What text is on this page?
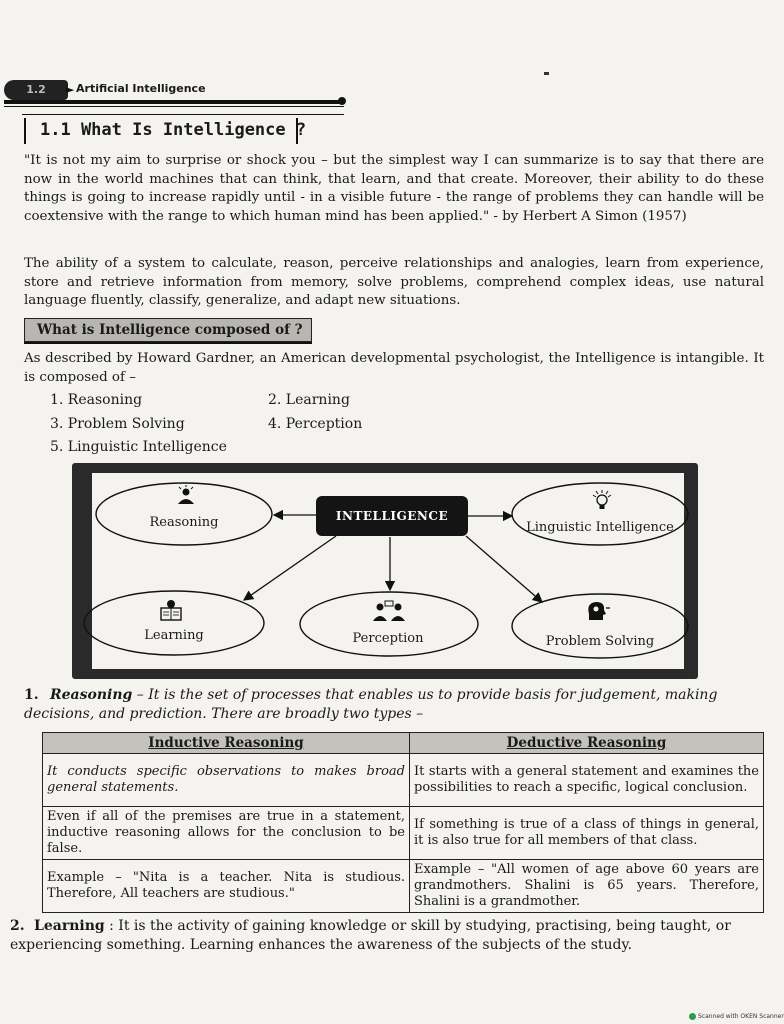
1.2	► Artificial Intelligence
1.1 What Is Intelligence ?

"It is not my aim to surprise or shock you – but the simplest way I can summarize is to say that there are now in the world machines that can think, that learn, and that create. Moreover, their ability to do these things is going to increase rapidly until - in a visible future - the range of problems they can handle will be coextensive with the range to which human mind has been applied." - by Herbert A Simon (1957)

The ability of a system to calculate, reason, perceive relationships and analogies, learn from experience, store and retrieve information from memory, solve problems, comprehend complex ideas, use natural language fluently, classify, generalize, and adapt new situations.

What is Intelligence composed of ?

As described by Howard Gardner, an American developmental psychologist, the Intelligence is intangible. It is composed of –

1. Reasoning	2. Learning
3. Problem Solving	4. Perception
5. Linguistic Intelligence
INTELLIGENCE
Reasoning	Linguistic Intelligence
Learning	Perception	Problem Solving

1. Reasoning – It is the set of processes that enables us to provide basis for judgement, making decisions, and prediction. There are broadly two types –

Inductive Reasoning	Deductive Reasoning
It conducts specific observations to makes broad general statements.	It starts with a general statement and examines the possibilities to reach a specific, logical conclusion.
Even if all of the premises are true in a statement, inductive reasoning allows for the conclusion to be false.	If something is true of a class of things in general, it is also true for all members of that class.
Example – "Nita is a teacher. Nita is studious. Therefore, All teachers are studious."	Example – "All women of age above 60 years are grandmothers. Shalini is 65 years. Therefore, Shalini is a grandmother.

2. Learning : It is the activity of gaining knowledge or skill by studying, practising, being taught, or experiencing something. Learning enhances the awareness of the subjects of the study.

Scanned with OKEN Scanner
